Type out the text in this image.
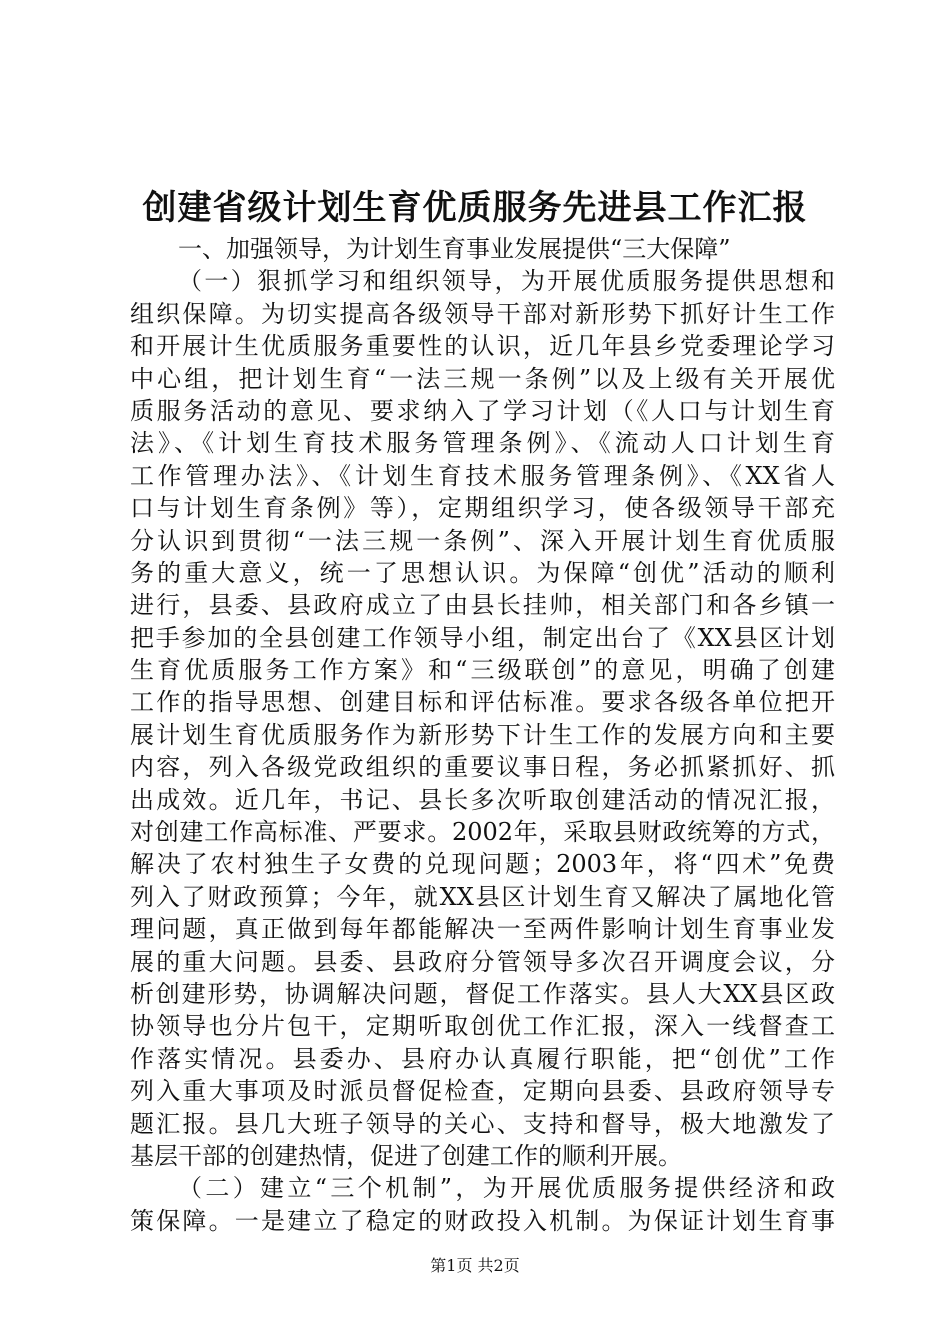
创建省级计划生育优质服务先进县工作汇报
一、加强领导，为计划生育事业发展提供“三大保障”
（一）狠抓学习和组织领导，为开展优质服务提供思想和
组织保障。为切实提高各级领导干部对新形势下抓好计生工作
和开展计生优质服务重要性的认识，近几年县乡党委理论学习
中心组，把计划生育“一法三规一条例”以及上级有关开展优
质服务活动的意见、要求纳入了学习计划（《人口与计划生育
法》、《计划生育技术服务管理条例》、《流动人口计划生育
工作管理办法》、《计划生育技术服务管理条例》、《XX省人
口与计划生育条例》等），定期组织学习，使各级领导干部充
分认识到贯彻“一法三规一条例”、深入开展计划生育优质服
务的重大意义，统一了思想认识。为保障“创优”活动的顺利
进行，县委、县政府成立了由县长挂帅，相关部门和各乡镇一
把手参加的全县创建工作领导小组，制定出台了《XX县区计划
生育优质服务工作方案》和“三级联创”的意见，明确了创建
工作的指导思想、创建目标和评估标准。要求各级各单位把开
展计划生育优质服务作为新形势下计生工作的发展方向和主要
内容，列入各级党政组织的重要议事日程，务必抓紧抓好、抓
出成效。近几年，书记、县长多次听取创建活动的情况汇报，
对创建工作高标准、严要求。2002年，采取县财政统筹的方式，
解决了农村独生子女费的兑现问题；2003年，将“四术”免费
列入了财政预算；今年，就XX县区计划生育又解决了属地化管
理问题，真正做到每年都能解决一至两件影响计划生育事业发
展的重大问题。县委、县政府分管领导多次召开调度会议，分
析创建形势，协调解决问题，督促工作落实。县人大XX县区政
协领导也分片包干，定期听取创优工作汇报，深入一线督查工
作落实情况。县委办、县府办认真履行职能，把“创优”工作
列入重大事项及时派员督促检查，定期向县委、县政府领导专
题汇报。县几大班子领导的关心、支持和督导，极大地激发了
基层干部的创建热情，促进了创建工作的顺利开展。
（二）建立“三个机制”，为开展优质服务提供经济和政
策保障。一是建立了稳定的财政投入机制。为保证计划生育事
第1页 共2页
